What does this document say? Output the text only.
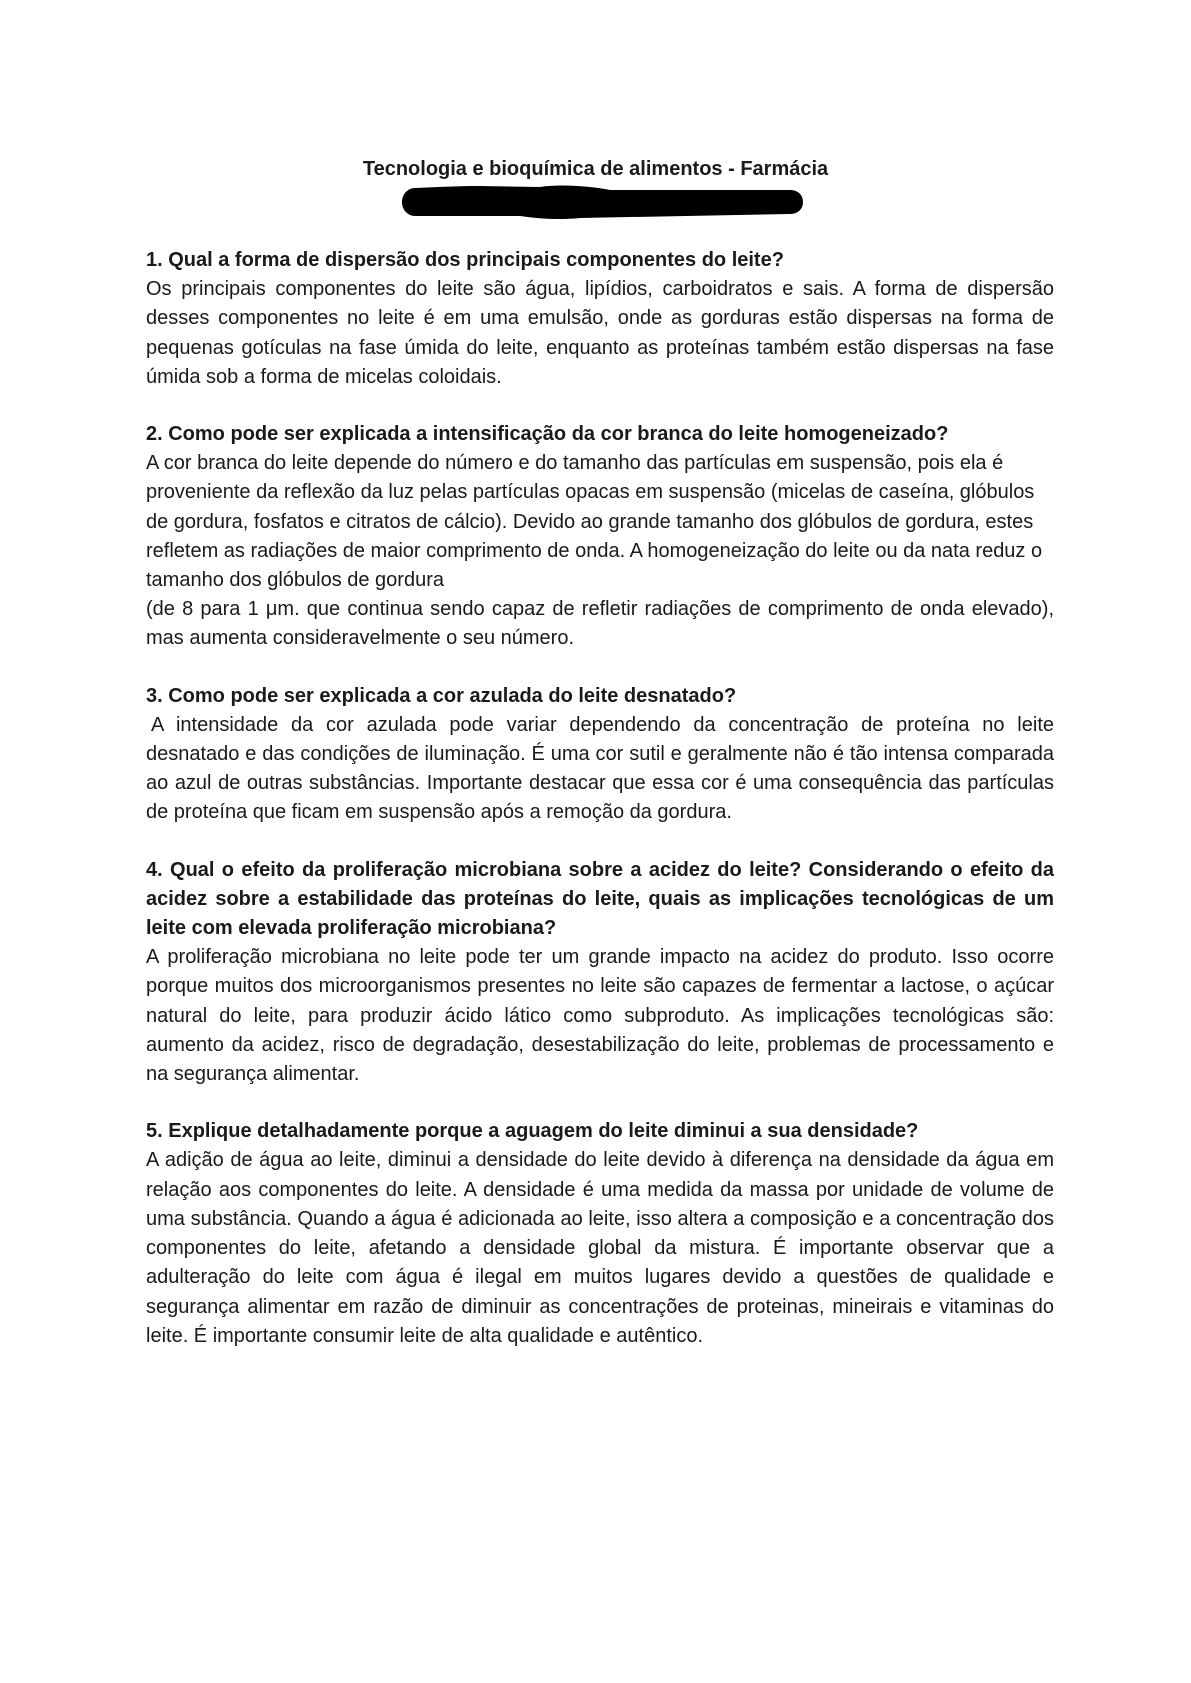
Tecnologia e bioquímica de alimentos - Farmácia

1. Qual a forma de dispersão dos principais componentes do leite?

Os principais componentes do leite são água, lipídios, carboidratos e sais. A forma de dispersão desses componentes no leite é em uma emulsão, onde as gorduras estão dispersas na forma de pequenas gotículas na fase úmida do leite, enquanto as proteínas também estão dispersas na fase úmida sob a forma de micelas coloidais.

2. Como pode ser explicada a intensificação da cor branca do leite homogeneizado?

A cor branca do leite depende do número e do tamanho das partículas em suspensão, pois ela é proveniente da reflexão da luz pelas partículas opacas em suspensão (micelas de caseína, glóbulos de gordura, fosfatos e citratos de cálcio). Devido ao grande tamanho dos glóbulos de gordura, estes refletem as radiações de maior comprimento de onda. A homogeneização do leite ou da nata reduz o tamanho dos glóbulos de gordura

(de 8 para 1 μm. que continua sendo capaz de refletir radiações de comprimento de onda elevado), mas aumenta consideravelmente o seu número.

3. Como pode ser explicada a cor azulada do leite desnatado?

A intensidade da cor azulada pode variar dependendo da concentração de proteína no leite desnatado e das condições de iluminação. É uma cor sutil e geralmente não é tão intensa comparada ao azul de outras substâncias. Importante destacar que essa cor é uma consequência das partículas de proteína que ficam em suspensão após a remoção da gordura.

4. Qual o efeito da proliferação microbiana sobre a acidez do leite? Considerando o efeito da acidez sobre a estabilidade das proteínas do leite, quais as implicações tecnológicas de um leite com elevada proliferação microbiana?

A proliferação microbiana no leite pode ter um grande impacto na acidez do produto. Isso ocorre porque muitos dos microorganismos presentes no leite são capazes de fermentar a lactose, o açúcar natural do leite, para produzir ácido lático como subproduto. As implicações tecnológicas são: aumento da acidez, risco de degradação, desestabilização do leite, problemas de processamento e na segurança alimentar.

5. Explique detalhadamente porque a aguagem do leite diminui a sua densidade?

A adição de água ao leite, diminui a densidade do leite devido à diferença na densidade da água em relação aos componentes do leite. A densidade é uma medida da massa por unidade de volume de uma substância. Quando a água é adicionada ao leite, isso altera a composição e a concentração dos componentes do leite, afetando a densidade global da mistura. É importante observar que a adulteração do leite com água é ilegal em muitos lugares devido a questões de qualidade e segurança alimentar em razão de diminuir as concentrações de proteinas, mineirais e vitaminas do leite. É importante consumir leite de alta qualidade e autêntico.
